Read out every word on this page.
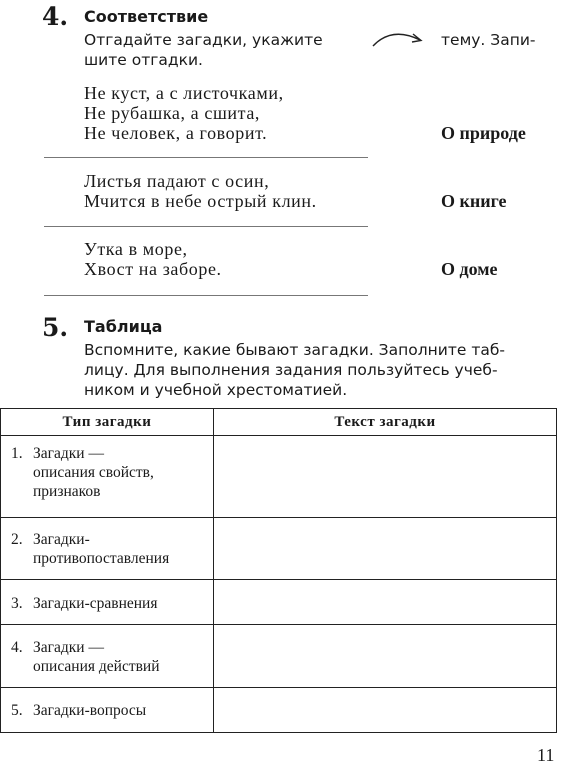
4. Соответствие
Отгадайте загадки, укажите	тему. Запи-
шите отгадки.
Не куст, а с листочками,
Не рубашка, а сшита,
Не человек, а говорит.	О природе
Листья падают с осин,
Мчится в небе острый клин.	О книге
Утка в море,
Хвост на заборе.	О доме
5. Таблица
Вспомните, какие бывают загадки. Заполните таб-
лицу. Для выполнения задания пользуйтесь учеб-
ником и учебной хрестоматией.
Тип загадки	Текст загадки
1. Загадки —
описания свойств,
признаков	

2. Загадки-
противопоставления	

3. Загадки-сравнения	
4. Загадки —
описания действий	

5. Загадки-вопросы	
11
